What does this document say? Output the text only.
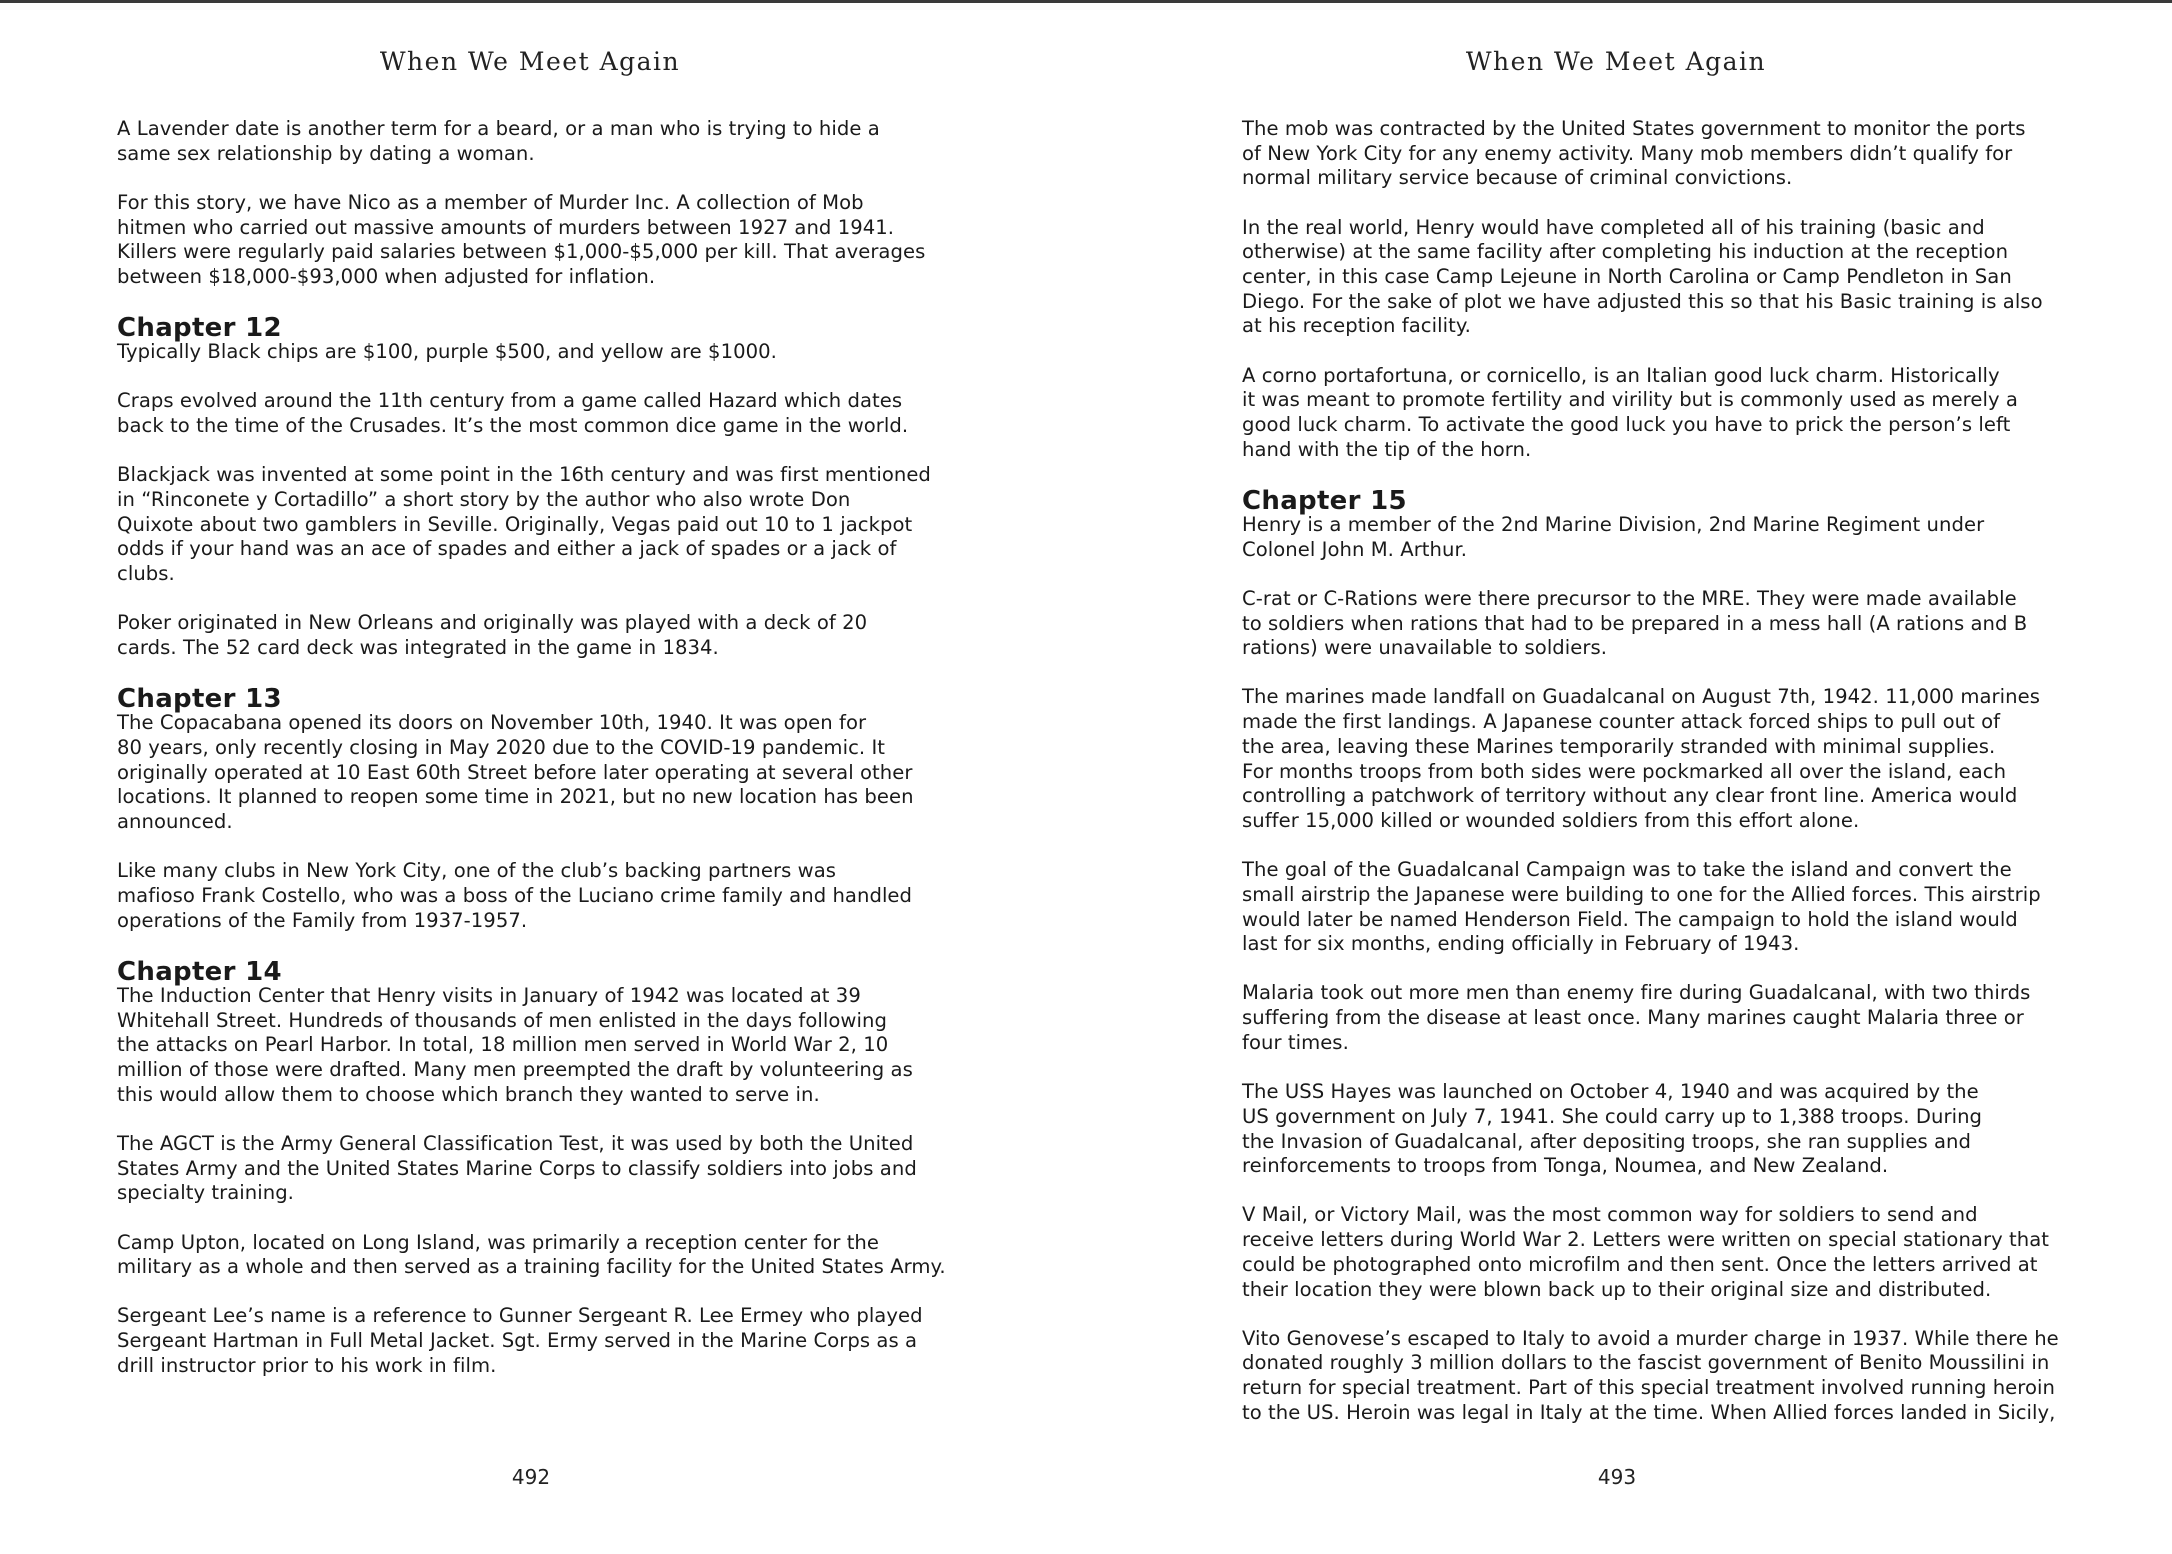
When We Meet Again
A Lavender date is another term for a beard, or a man who is trying to hide a
same sex relationship by dating a woman.
For this story, we have Nico as a member of Murder Inc. A collection of Mob
hitmen who carried out massive amounts of murders between 1927 and 1941.
Killers were regularly paid salaries between $1,000-$5,000 per kill. That averages
between $18,000-$93,000 when adjusted for inflation.
Chapter 12
Typically Black chips are $100, purple $500, and yellow are $1000.
Craps evolved around the 11th century from a game called Hazard which dates
back to the time of the Crusades. It’s the most common dice game in the world.
Blackjack was invented at some point in the 16th century and was first mentioned
in “Rinconete y Cortadillo” a short story by the author who also wrote Don
Quixote about two gamblers in Seville. Originally, Vegas paid out 10 to 1 jackpot
odds if your hand was an ace of spades and either a jack of spades or a jack of
clubs.
Poker originated in New Orleans and originally was played with a deck of 20
cards. The 52 card deck was integrated in the game in 1834.
Chapter 13
The Copacabana opened its doors on November 10th, 1940. It was open for
80 years, only recently closing in May 2020 due to the COVID-19 pandemic. It
originally operated at 10 East 60th Street before later operating at several other
locations. It planned to reopen some time in 2021, but no new location has been
announced.
Like many clubs in New York City, one of the club’s backing partners was
mafioso Frank Costello, who was a boss of the Luciano crime family and handled
operations of the Family from 1937-1957.
Chapter 14
The Induction Center that Henry visits in January of 1942 was located at 39
Whitehall Street. Hundreds of thousands of men enlisted in the days following
the attacks on Pearl Harbor. In total, 18 million men served in World War 2, 10
million of those were drafted. Many men preempted the draft by volunteering as
this would allow them to choose which branch they wanted to serve in.
The AGCT is the Army General Classification Test, it was used by both the United
States Army and the United States Marine Corps to classify soldiers into jobs and
specialty training.
Camp Upton, located on Long Island, was primarily a reception center for the
military as a whole and then served as a training facility for the United States Army.
Sergeant Lee’s name is a reference to Gunner Sergeant R. Lee Ermey who played
Sergeant Hartman in Full Metal Jacket. Sgt. Ermy served in the Marine Corps as a
drill instructor prior to his work in film.
492
When We Meet Again
The mob was contracted by the United States government to monitor the ports
of New York City for any enemy activity. Many mob members didn’t qualify for
normal military service because of criminal convictions.
In the real world, Henry would have completed all of his training (basic and
otherwise) at the same facility after completing his induction at the reception
center, in this case Camp Lejeune in North Carolina or Camp Pendleton in San
Diego. For the sake of plot we have adjusted this so that his Basic training is also
at his reception facility.
A corno portafortuna, or cornicello, is an Italian good luck charm. Historically
it was meant to promote fertility and virility but is commonly used as merely a
good luck charm. To activate the good luck you have to prick the person’s left
hand with the tip of the horn.
Chapter 15
Henry is a member of the 2nd Marine Division, 2nd Marine Regiment under
Colonel John M. Arthur.
C-rat or C-Rations were there precursor to the MRE. They were made available
to soldiers when rations that had to be prepared in a mess hall (A rations and B
rations) were unavailable to soldiers.
The marines made landfall on Guadalcanal on August 7th, 1942. 11,000 marines
made the first landings. A Japanese counter attack forced ships to pull out of
the area, leaving these Marines temporarily stranded with minimal supplies.
For months troops from both sides were pockmarked all over the island, each
controlling a patchwork of territory without any clear front line. America would
suffer 15,000 killed or wounded soldiers from this effort alone.
The goal of the Guadalcanal Campaign was to take the island and convert the
small airstrip the Japanese were building to one for the Allied forces. This airstrip
would later be named Henderson Field. The campaign to hold the island would
last for six months, ending officially in February of 1943.
Malaria took out more men than enemy fire during Guadalcanal, with two thirds
suffering from the disease at least once. Many marines caught Malaria three or
four times.
The USS Hayes was launched on October 4, 1940 and was acquired by the
US government on July 7, 1941. She could carry up to 1,388 troops. During
the Invasion of Guadalcanal, after depositing troops, she ran supplies and
reinforcements to troops from Tonga, Noumea, and New Zealand.
V Mail, or Victory Mail, was the most common way for soldiers to send and
receive letters during World War 2. Letters were written on special stationary that
could be photographed onto microfilm and then sent. Once the letters arrived at
their location they were blown back up to their original size and distributed.
Vito Genovese’s escaped to Italy to avoid a murder charge in 1937. While there he
donated roughly 3 million dollars to the fascist government of Benito Moussilini in
return for special treatment. Part of this special treatment involved running heroin
to the US. Heroin was legal in Italy at the time. When Allied forces landed in Sicily,
493
